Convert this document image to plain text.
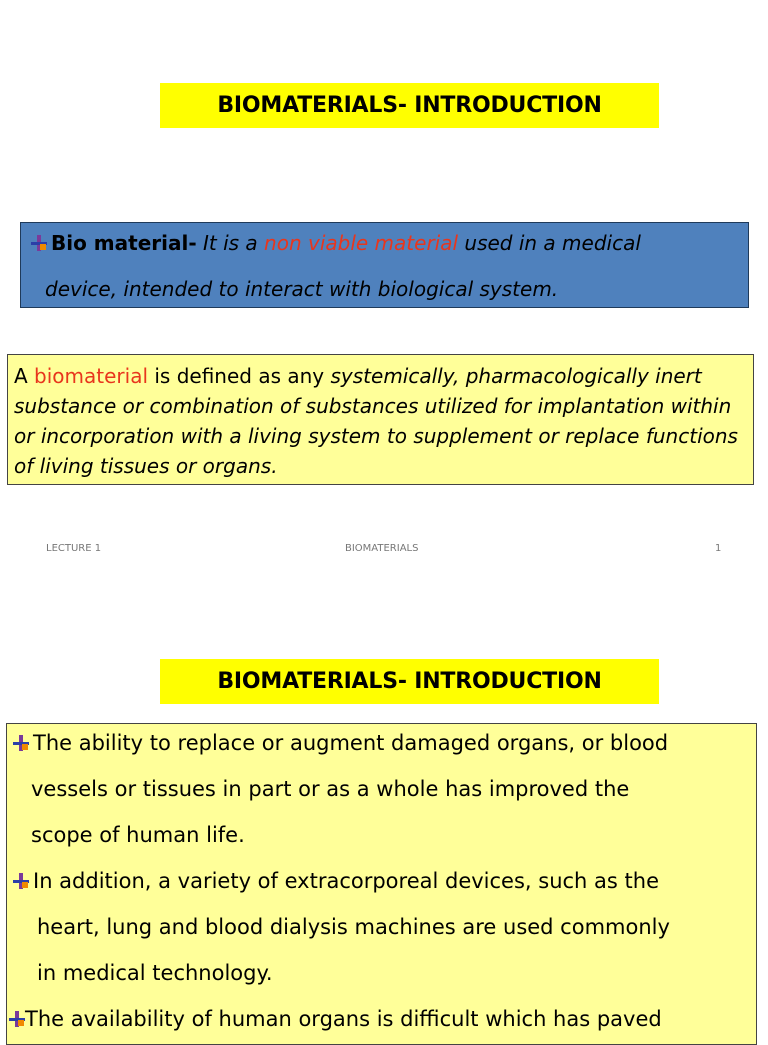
BIOMATERIALS- INTRODUCTION
Bio material- It is a non viable material used in a medical
device, intended to interact with biological system.

A biomaterial is defined as any systemically, pharmacologically inert substance or combination of substances utilized for implantation within or incorporation with a living system to supplement or replace functions of living tissues or organs.

LECTURE 1	BIOMATERIALS	1
BIOMATERIALS- INTRODUCTION
The ability to replace or augment damaged organs, or blood
vessels or tissues in part or as a whole has improved the
scope of human life.
In addition, a variety of extracorporeal devices, such as the
heart, lung and blood dialysis machines are used commonly
in medical technology.
The availability of human organs is difficult which has paved
